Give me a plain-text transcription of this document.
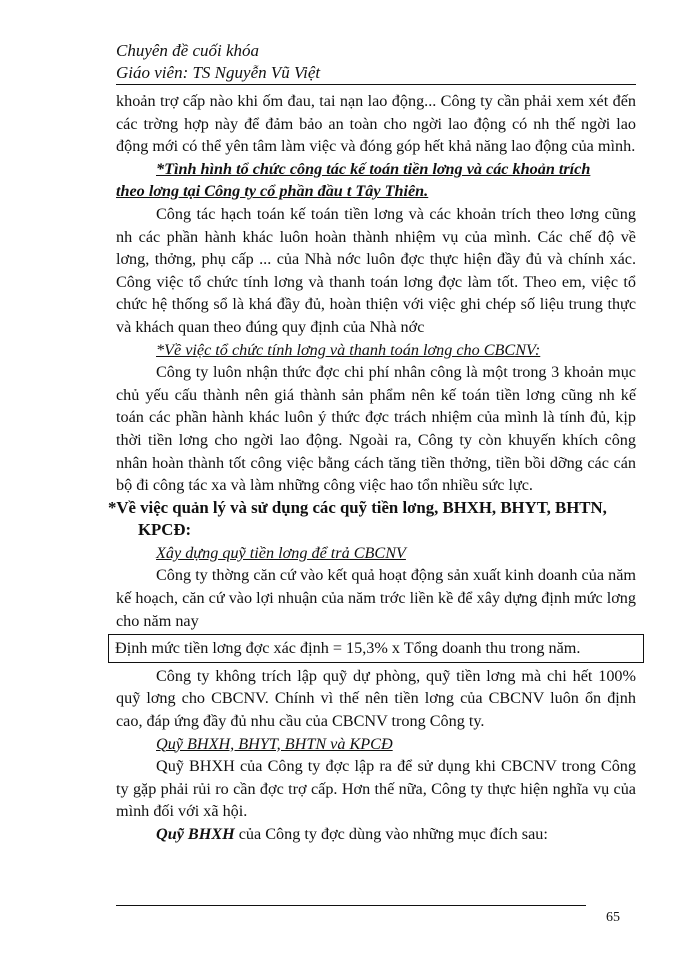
Chuyên đề cuối khóa
Giáo viên: TS Nguyễn Vũ Việt

khoản trợ cấp nào khi ốm đau, tai nạn lao động... Công ty cần phải xem xét đến các trờng hợp này để đảm bảo an toàn cho ngời lao động có nh thế ngời lao động mới có thể yên tâm làm việc và đóng góp hết khả năng lao động của mình.

*Tình hình tổ chức công tác kế toán tiền lơng và các khoản trích

theo lơng tại Công ty cổ phần đầu t Tây Thiên.

Công tác hạch toán kế toán tiền lơng và các khoản trích theo lơng cũng nh các phần hành khác luôn hoàn thành nhiệm vụ của mình. Các chế độ về lơng, thởng, phụ cấp ... của Nhà nớc luôn đợc thực hiện đầy đủ và chính xác. Công việc tổ chức tính lơng và thanh toán lơng đợc làm tốt. Theo em, việc tổ chức hệ thống sổ là khá đầy đủ, hoàn thiện với việc ghi chép số liệu trung thực và khách quan theo đúng quy định của Nhà nớc

*Về việc tổ chức tính lơng và thanh toán lơng cho CBCNV:

Công ty luôn nhận thức đợc chi phí nhân công là một trong 3 khoản mục chủ yếu cấu thành nên giá thành sản phẩm nên kế toán tiền lơng cũng nh kế toán các phần hành khác luôn ý thức đợc trách nhiệm của mình là tính đủ, kịp thời tiền lơng cho ngời lao động. Ngoài ra, Công ty còn khuyến khích công nhân hoàn thành tốt công việc bằng cách tăng tiền thởng, tiền bồi dỡng các cán bộ đi công tác xa và làm những công việc hao tổn nhiều sức lực.

*Về việc quản lý và sử dụng các quỹ tiền lơng, BHXH, BHYT, BHTN,
KPCĐ:

Xây dựng quỹ tiền lơng để trả CBCNV

Công ty thờng căn cứ vào kết quả hoạt động sản xuất kinh doanh của năm kế hoạch, căn cứ vào lợi nhuận của năm trớc liền kề để xây dựng định mức lơng cho năm nay

Định mức tiền lơng đợc xác định = 15,3% x Tổng doanh thu trong năm.

Công ty không trích lập quỹ dự phòng, quỹ tiền lơng mà chi hết 100% quỹ lơng cho CBCNV. Chính vì thế nên tiền lơng của CBCNV luôn ổn định cao, đáp ứng đầy đủ nhu cầu của CBCNV trong Công ty.

Quỹ BHXH, BHYT, BHTN và KPCĐ

Quỹ BHXH của Công ty đợc lập ra để sử dụng khi CBCNV trong Công ty gặp phải rủi ro cần đợc trợ cấp. Hơn thế nữa, Công ty thực hiện nghĩa vụ của mình đối với xã hội.

Quỹ BHXH của Công ty đợc dùng vào những mục đích sau:

65
